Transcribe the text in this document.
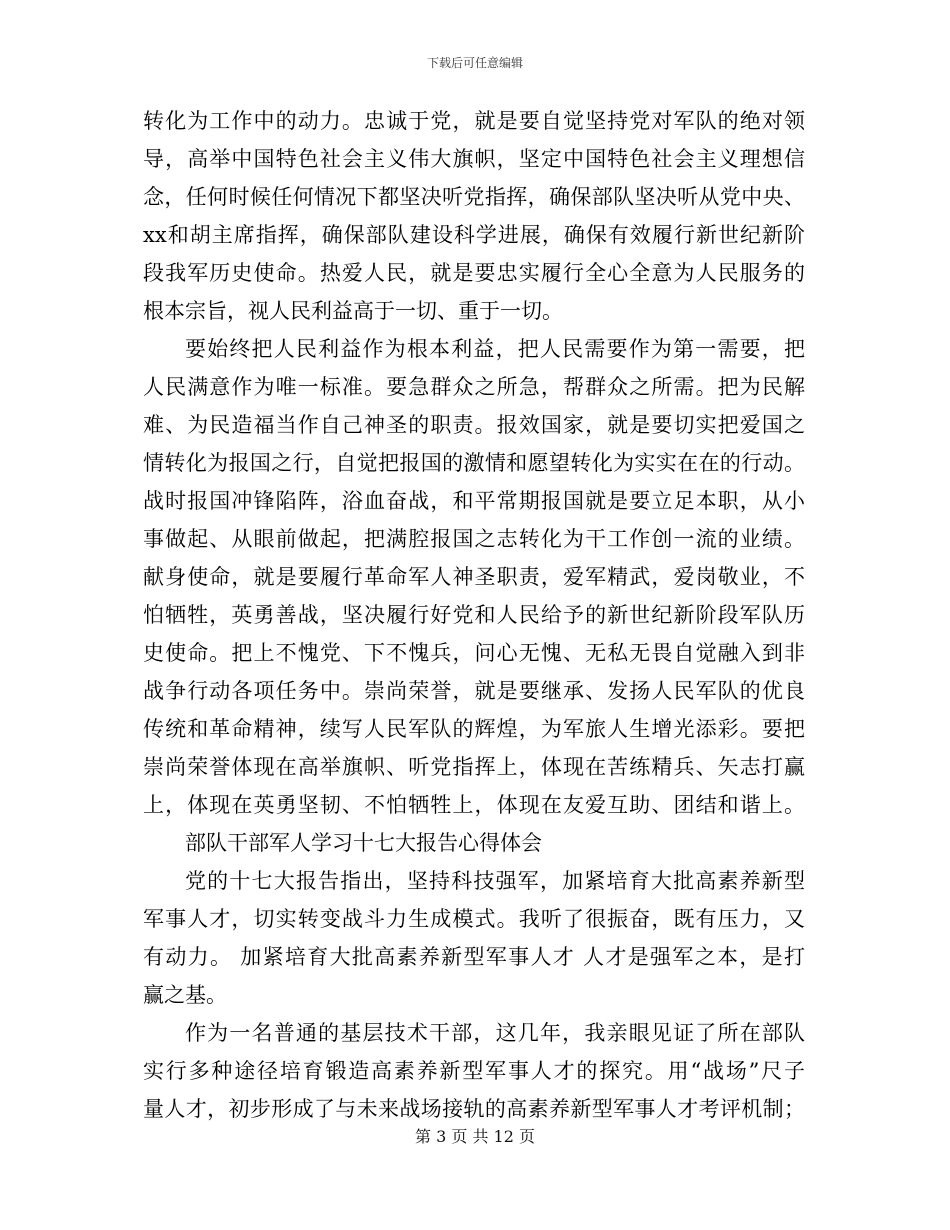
下载后可任意编辑
转化为工作中的动力。忠诚于党，就是要自觉坚持党对军队的绝对领
导，高举中国特色社会主义伟大旗帜，坚定中国特色社会主义理想信
念，任何时候任何情况下都坚决听党指挥，确保部队坚决听从党中央、
xx和胡主席指挥，确保部队建设科学进展，确保有效履行新世纪新阶
段我军历史使命。热爱人民，就是要忠实履行全心全意为人民服务的
根本宗旨，视人民利益高于一切、重于一切。
要始终把人民利益作为根本利益，把人民需要作为第一需要，把
人民满意作为唯一标准。要急群众之所急，帮群众之所需。把为民解
难、为民造福当作自己神圣的职责。报效国家，就是要切实把爱国之
情转化为报国之行，自觉把报国的激情和愿望转化为实实在在的行动。
战时报国冲锋陷阵，浴血奋战，和平常期报国就是要立足本职，从小
事做起、从眼前做起，把满腔报国之志转化为干工作创一流的业绩。
献身使命，就是要履行革命军人神圣职责，爱军精武，爱岗敬业，不
怕牺牲，英勇善战，坚决履行好党和人民给予的新世纪新阶段军队历
史使命。把上不愧党、下不愧兵，问心无愧、无私无畏自觉融入到非
战争行动各项任务中。崇尚荣誉，就是要继承、发扬人民军队的优良
传统和革命精神，续写人民军队的辉煌，为军旅人生增光添彩。要把
崇尚荣誉体现在高举旗帜、听党指挥上，体现在苦练精兵、矢志打赢
上，体现在英勇坚韧、不怕牺牲上，体现在友爱互助、团结和谐上。
部队干部军人学习十七大报告心得体会
党的十七大报告指出，坚持科技强军，加紧培育大批高素养新型
军事人才，切实转变战斗力生成模式。我听了很振奋，既有压力，又
有动力。 加紧培育大批高素养新型军事人才 人才是强军之本，是打
赢之基。
作为一名普通的基层技术干部，这几年，我亲眼见证了所在部队
实行多种途径培育锻造高素养新型军事人才的探究。用“战场”尺子
量人才，初步形成了与未来战场接轨的高素养新型军事人才考评机制；
第 3 页 共 12 页
